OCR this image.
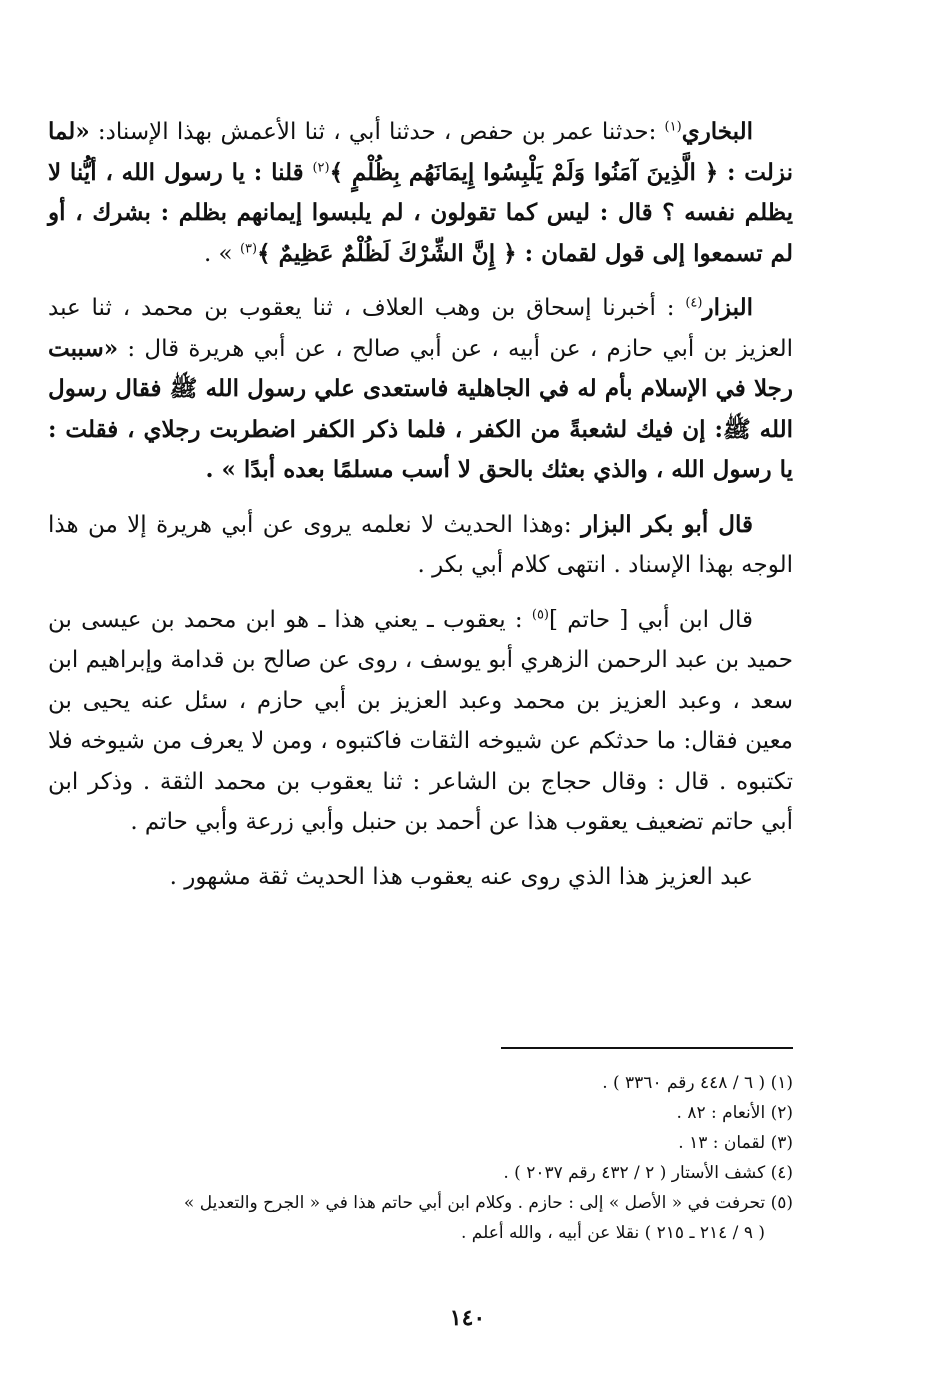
البخاري$^{(١)}$ :حدثنا عمر بن حفص ، حدثنا أبي ، ثنا الأعمش بهذا الإسناد: «لما نزلت : ﴿ الَّذِينَ آمَنُوا وَلَمْ يَلْبِسُوا إِيمَانَهُم بِظُلْمٍ ﴾$^{(٢)}$ قلنا : يا رسول الله ، أيُّنا لا يظلم نفسه ؟ قال : ليس كما تقولون ، لم يلبسوا إيمانهم بظلم : بشرك ، أو لم تسمعوا إلى قول لقمان : ﴿ إِنَّ الشِّرْكَ لَظُلْمٌ عَظِيمٌ ﴾$^{(٣)}$ » .

البزار$^{(٤)}$ : أخبرنا إسحاق بن وهب العلاف ، ثنا يعقوب بن محمد ، ثنا عبد العزيز بن أبي حازم ، عن أبيه ، عن أبي صالح ، عن أبي هريرة قال : «سببت رجلا في الإسلام بأم له في الجاهلية فاستعدى علي رسول الله ﷺ فقال رسول الله ﷺ: إن فيك لشعبةً من الكفر ، فلما ذكر الكفر اضطربت رجلاي ، فقلت : يا رسول الله ، والذي بعثك بالحق لا أسب مسلمًا بعده أبدًا » .

قال أبو بكر البزار :وهذا الحديث لا نعلمه يروى عن أبي هريرة إلا من هذا الوجه بهذا الإسناد . انتهى كلام أبي بكر .

قال ابن أبي [ حاتم ]$^{(٥)}$ : يعقوب ـ يعني هذا ـ هو ابن محمد بن عيسى بن حميد بن عبد الرحمن الزهري أبو يوسف ، روى عن صالح بن قدامة وإبراهيم ابن سعد ، وعبد العزيز بن محمد وعبد العزيز بن أبي حازم ، سئل عنه يحيى بن معين فقال: ما حدثكم عن شيوخه الثقات فاكتبوه ، ومن لا يعرف من شيوخه فلا تكتبوه . قال : وقال حجاج بن الشاعر : ثنا يعقوب بن محمد الثقة . وذكر ابن أبي حاتم تضعيف يعقوب هذا عن أحمد بن حنبل وأبي زرعة وأبي حاتم .

عبد العزيز هذا الذي روى عنه يعقوب هذا الحديث ثقة مشهور .

(١) ( ٦ / ٤٤٨ رقم ٣٣٦٠ ) .
(٢) الأنعام : ٨٢ .
(٣) لقمان : ١٣ .
(٤) كشف الأستار ( ٢ / ٤٣٢ رقم ٢٠٣٧ ) .
(٥) تحرفت في « الأصل » إلى : حازم . وكلام ابن أبي حاتم هذا في « الجرح والتعديل »
( ٩ / ٢١٤ ـ ٢١٥ ) نقلا عن أبيه ، والله أعلم .
١٤٠
